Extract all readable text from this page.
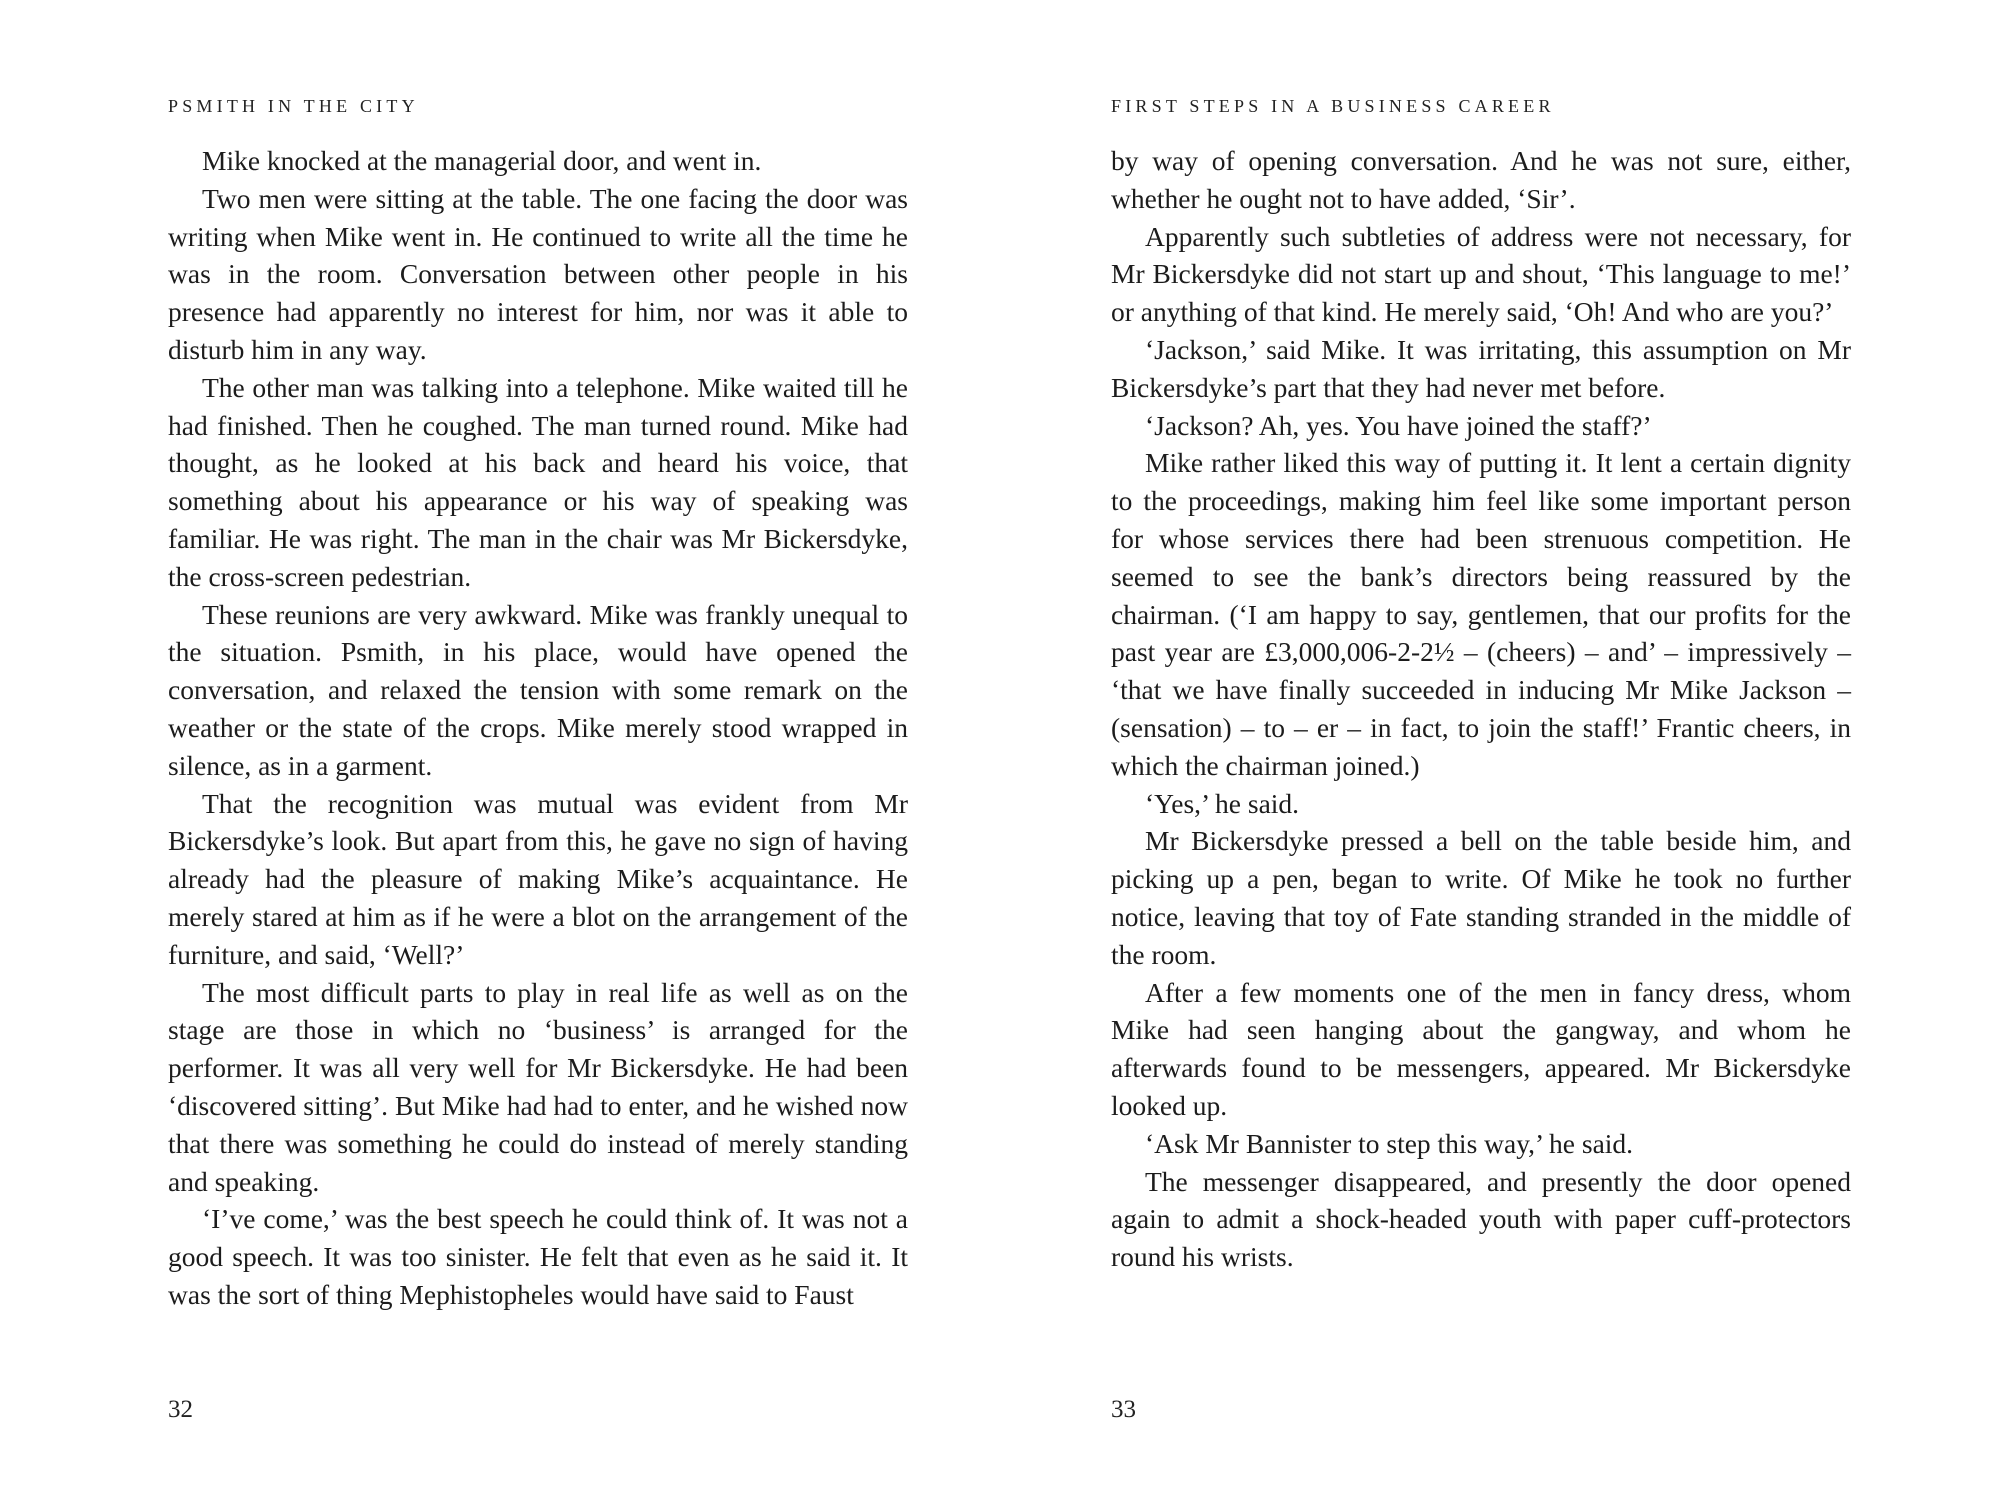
PSMITH IN THE CITY

Mike knocked at the managerial door, and went in.

Two men were sitting at the table. The one facing the door was writing when Mike went in. He continued to write all the time he was in the room. Conversation between other people in his presence had apparently no interest for him, nor was it able to disturb him in any way.

The other man was talking into a telephone. Mike waited till he had finished. Then he coughed. The man turned round. Mike had thought, as he looked at his back and heard his voice, that something about his appearance or his way of speaking was familiar. He was right. The man in the chair was Mr Bickersdyke, the cross-screen pedestrian.

These reunions are very awkward. Mike was frankly unequal to the situation. Psmith, in his place, would have opened the conversation, and relaxed the tension with some remark on the weather or the state of the crops. Mike merely stood wrapped in silence, as in a garment.

That the recognition was mutual was evident from Mr Bickersdyke’s look. But apart from this, he gave no sign of having already had the pleasure of making Mike’s acquaintance. He merely stared at him as if he were a blot on the arrangement of the furniture, and said, ‘Well?’

The most difficult parts to play in real life as well as on the stage are those in which no ‘business’ is arranged for the performer. It was all very well for Mr Bickersdyke. He had been ‘discovered sitting’. But Mike had had to enter, and he wished now that there was something he could do instead of merely standing and speaking.

‘I’ve come,’ was the best speech he could think of. It was not a good speech. It was too sinister. He felt that even as he said it. It was the sort of thing Mephistopheles would have said to Faust

32
FIRST STEPS IN A BUSINESS CAREER

by way of opening conversation. And he was not sure, either, whether he ought not to have added, ‘Sir’.

Apparently such subtleties of address were not necessary, for Mr Bickersdyke did not start up and shout, ‘This language to me!’ or anything of that kind. He merely said, ‘Oh! And who are you?’

‘Jackson,’ said Mike. It was irritating, this assumption on Mr Bickersdyke’s part that they had never met before.

‘Jackson? Ah, yes. You have joined the staff?’

Mike rather liked this way of putting it. It lent a certain dignity to the proceedings, making him feel like some important person for whose services there had been strenuous competition. He seemed to see the bank’s directors being reassured by the chairman. (‘I am happy to say, gentlemen, that our profits for the past year are £3,000,006-2-2½ – (cheers) – and’ – impressively – ‘that we have finally succeeded in inducing Mr Mike Jackson – (sensation) – to – er – in fact, to join the staff!’ Frantic cheers, in which the chairman joined.)

‘Yes,’ he said.

Mr Bickersdyke pressed a bell on the table beside him, and picking up a pen, began to write. Of Mike he took no further notice, leaving that toy of Fate standing stranded in the middle of the room.

After a few moments one of the men in fancy dress, whom Mike had seen hanging about the gangway, and whom he afterwards found to be messengers, appeared. Mr Bickersdyke looked up.

‘Ask Mr Bannister to step this way,’ he said.

The messenger disappeared, and presently the door opened again to admit a shock-headed youth with paper cuff-protectors round his wrists.

33
